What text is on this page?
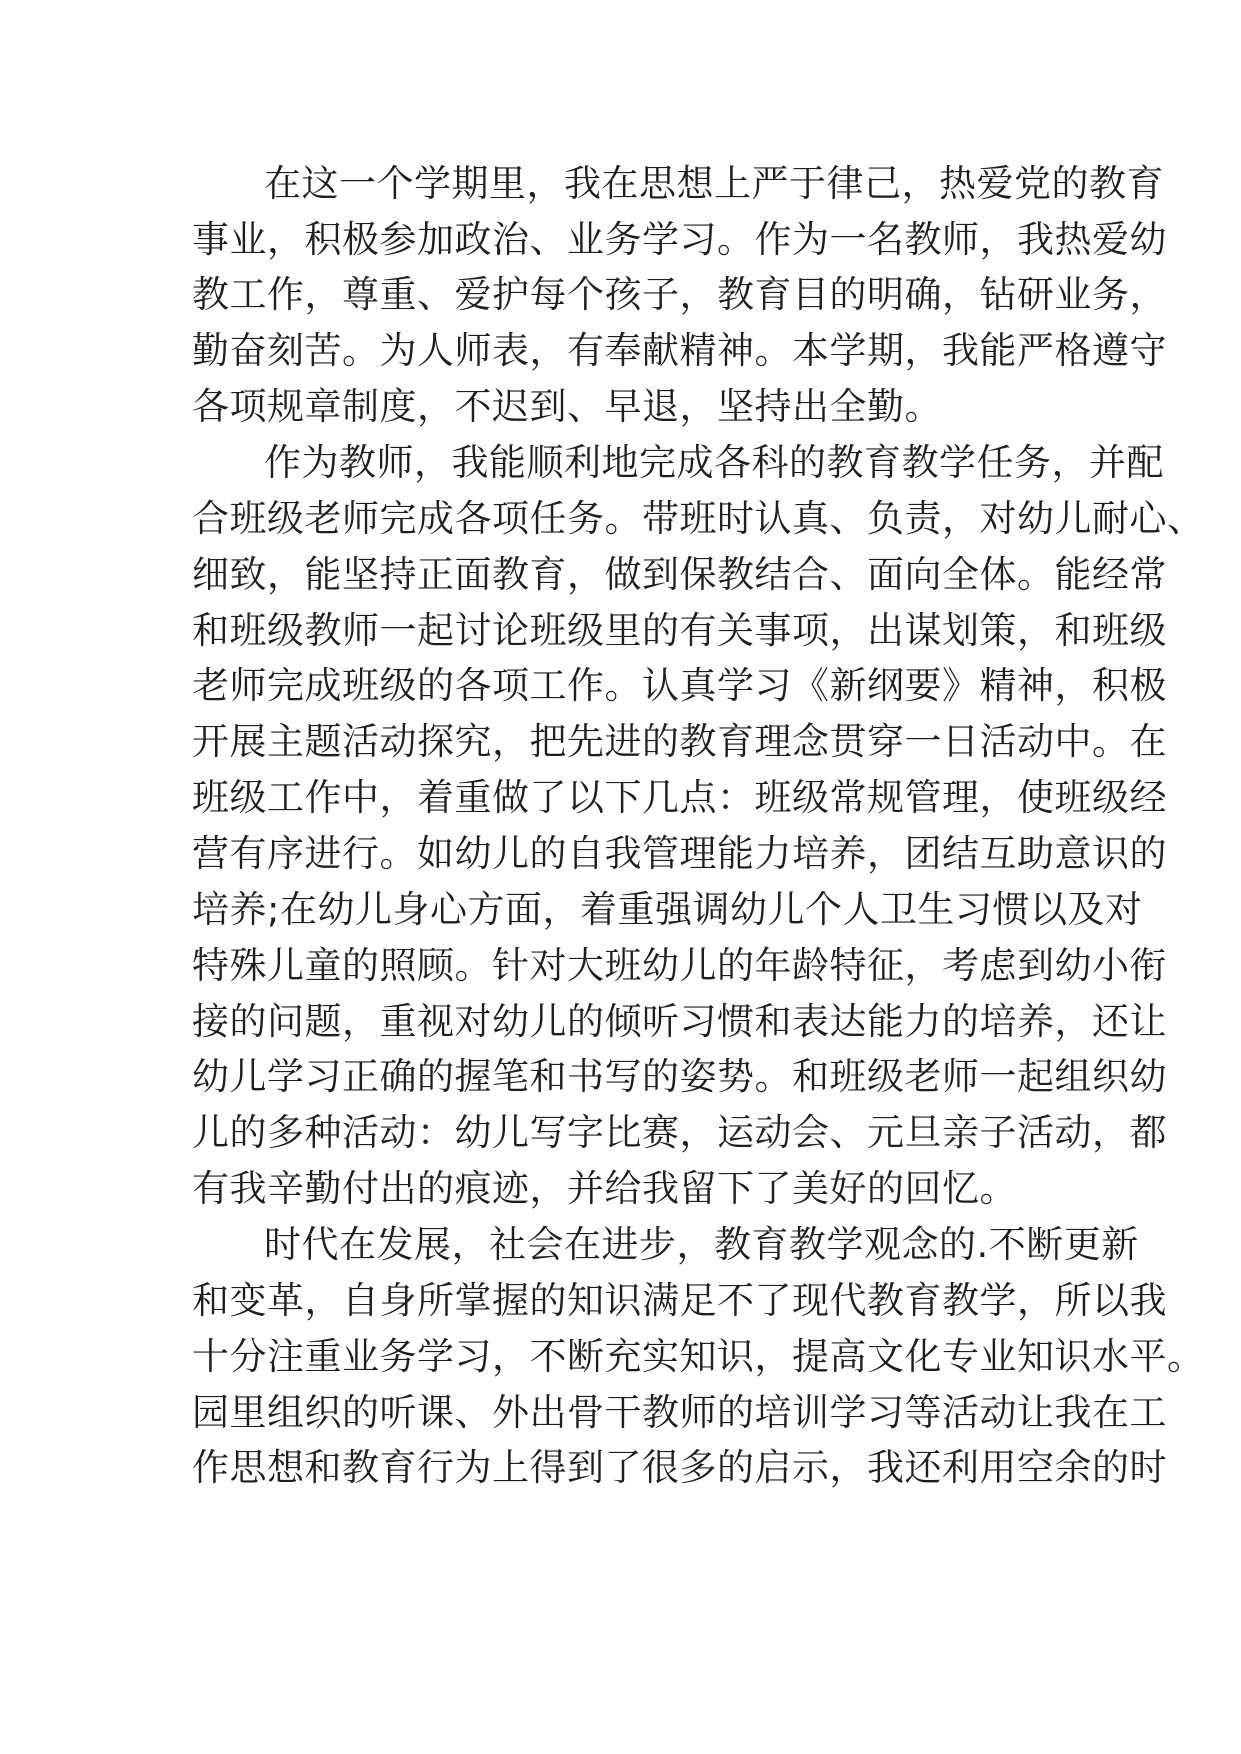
在这一个学期里，我在思想上严于律己，热爱党的教育

事业，积极参加政治、业务学习。作为一名教师，我热爱幼

教工作，尊重、爱护每个孩子，教育目的明确，钻研业务，

勤奋刻苦。为人师表，有奉献精神。本学期，我能严格遵守

各项规章制度，不迟到、早退，坚持出全勤。

作为教师，我能顺利地完成各科的教育教学任务，并配

合班级老师完成各项任务。带班时认真、负责，对幼儿耐心、

细致，能坚持正面教育，做到保教结合、面向全体。能经常

和班级教师一起讨论班级里的有关事项，出谋划策，和班级

老师完成班级的各项工作。认真学习《新纲要》精神，积极

开展主题活动探究，把先进的教育理念贯穿一日活动中。在

班级工作中，着重做了以下几点：班级常规管理，使班级经

营有序进行。如幼儿的自我管理能力培养，团结互助意识的

培养;在幼儿身心方面，着重强调幼儿个人卫生习惯以及对

特殊儿童的照顾。针对大班幼儿的年龄特征，考虑到幼小衔

接的问题，重视对幼儿的倾听习惯和表达能力的培养，还让

幼儿学习正确的握笔和书写的姿势。和班级老师一起组织幼

儿的多种活动：幼儿写字比赛，运动会、元旦亲子活动，都

有我辛勤付出的痕迹，并给我留下了美好的回忆。

时代在发展，社会在进步，教育教学观念的.不断更新

和变革，自身所掌握的知识满足不了现代教育教学，所以我

十分注重业务学习，不断充实知识，提高文化专业知识水平。

园里组织的听课、外出骨干教师的培训学习等活动让我在工

作思想和教育行为上得到了很多的启示，我还利用空余的时
